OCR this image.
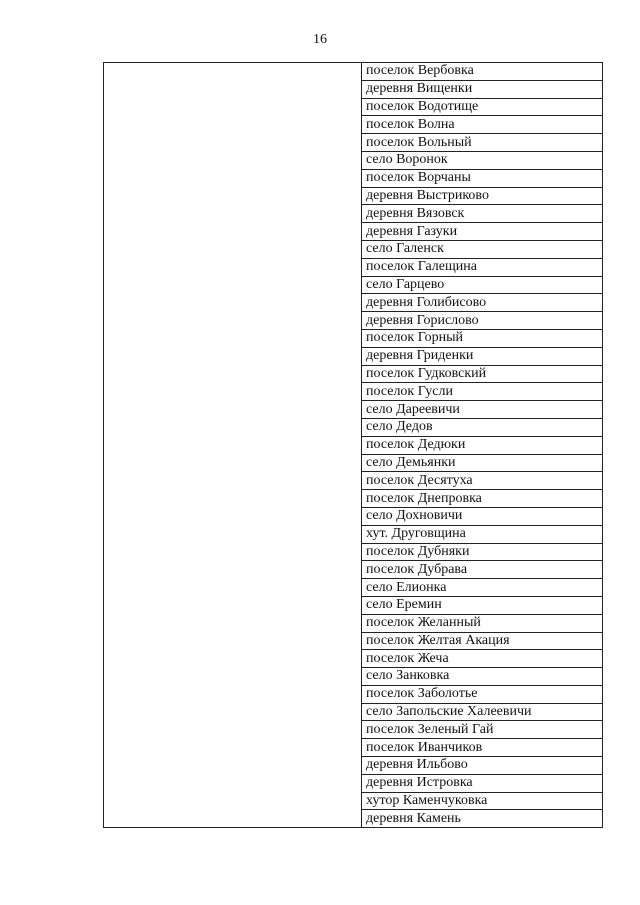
16
	поселок Вербовка
деревня Вищенки
поселок Водотище
поселок Волна
поселок Вольный
село Воронок
поселок Ворчаны
деревня Выстриково
деревня Вязовск
деревня Газуки
село Галенск
поселок Галещина
село Гарцево
деревня Голибисово
деревня Горислово
поселок Горный
деревня Гриденки
поселок Гудковский
поселок Гусли
село Дареевичи
село Дедов
поселок Дедюки
село Демьянки
поселок Десятуха
поселок Днепровка
село Дохновичи
хут. Друговщина
поселок Дубняки
поселок Дубрава
село Елионка
село Еремин
поселок Желанный
поселок Желтая Акация
поселок Жеча
село Занковка
поселок Заболотье
село Запольские Халеевичи
поселок Зеленый Гай
поселок Иванчиков
деревня Ильбово
деревня Истровка
хутор Каменчуковка
деревня Камень
